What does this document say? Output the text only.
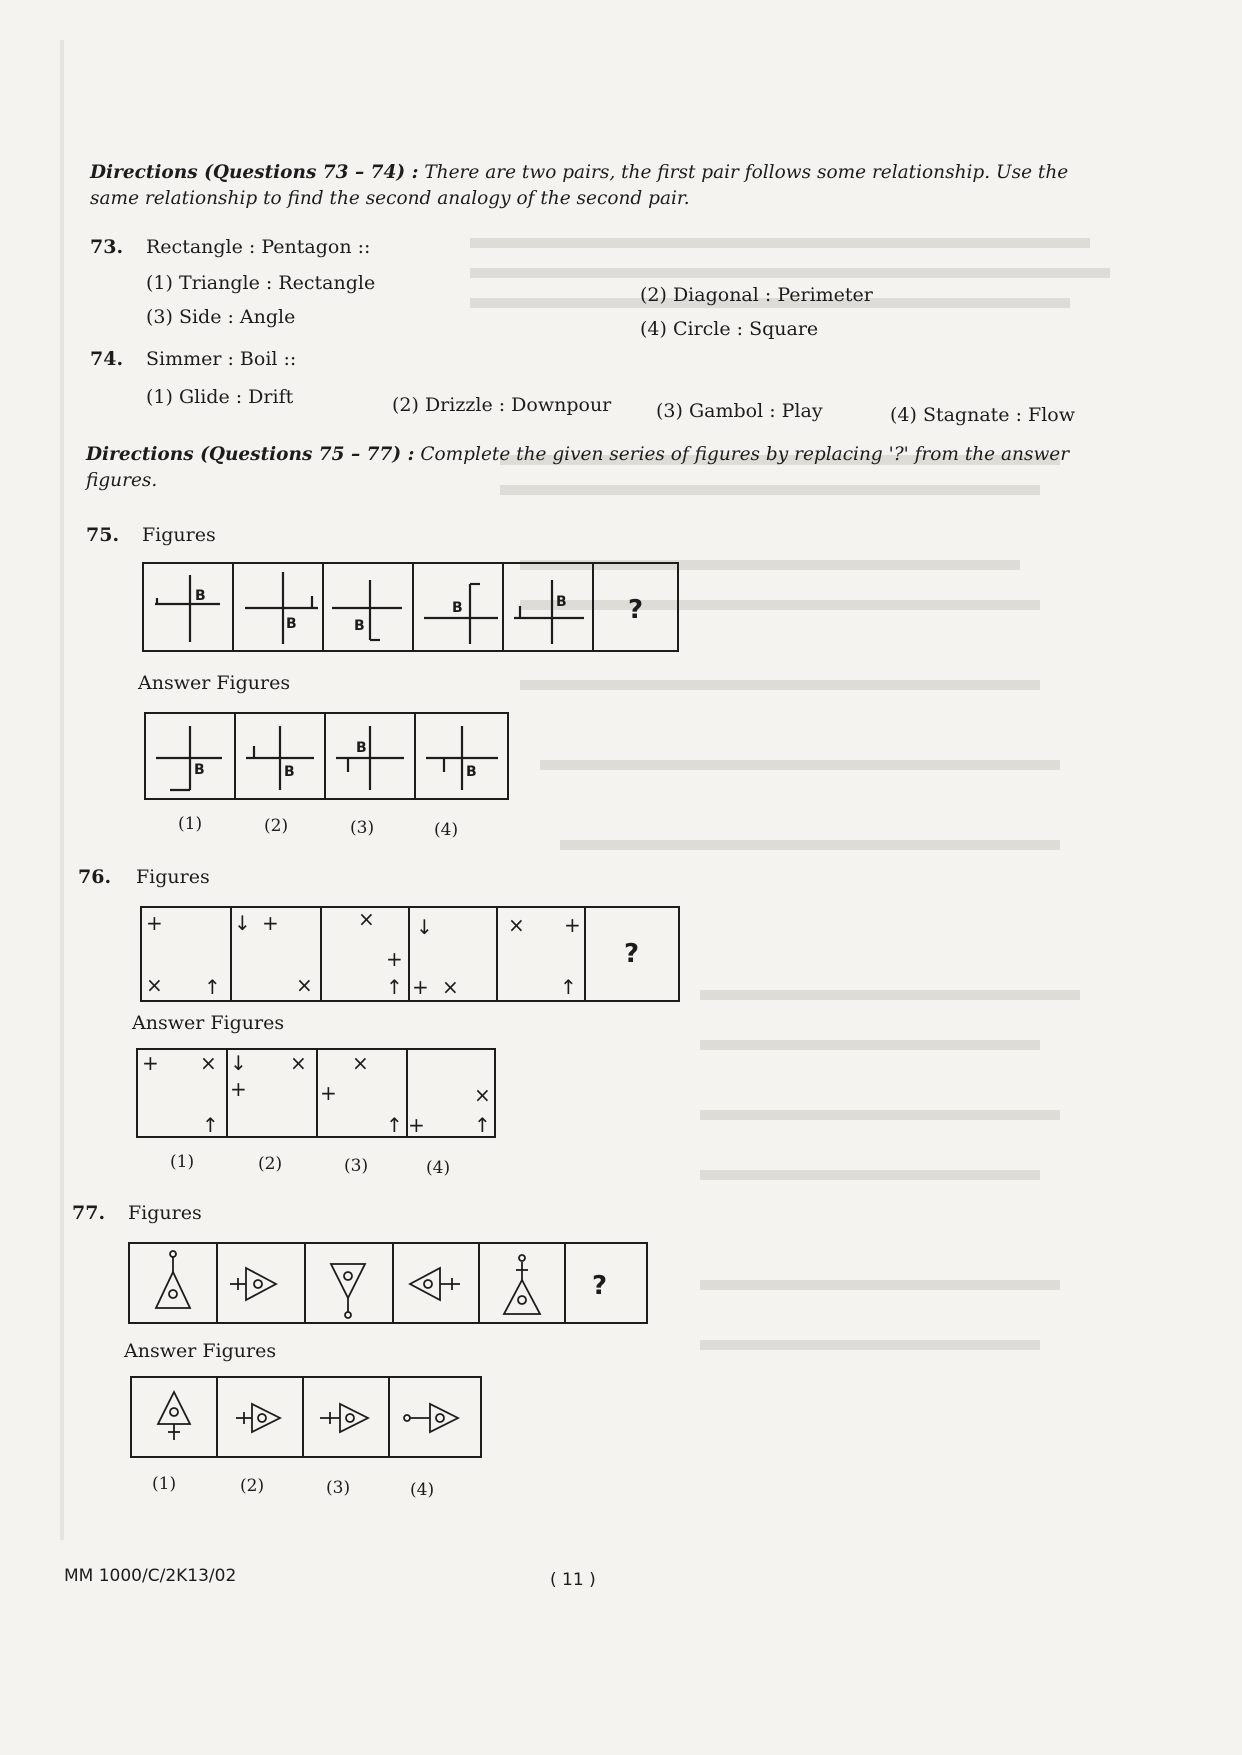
Directions (Questions 73 – 74) : There are two pairs, the first pair follows some relationship. Use the same relationship to find the second analogy of the second pair.
73. Rectangle : Pentagon ::
(1) Triangle : Rectangle
(2) Diagonal : Perimeter
(3) Side : Angle
(4) Circle : Square
74. Simmer : Boil ::
(1) Glide : Drift	(2) Drizzle : Downpour (3) Gambol : Play	(4) Stagnate : Flow
Directions (Questions 75 – 77) : Complete the given series of figures by replacing '?' from the answer figures.
75. Figures
B
B	B
B	B ?
Answer Figures
B	B
B
B
(1)	(2)	(3)	(4)
76. Figures
+
× ↑
↓ +
×
×
+
↑
↓
+ ×
× +
↑
?
Answer Figures
+ ×
↑
↓
+
× ×
+
↑ +
×
↑
(1)	(2)	(3)	(4)
77. Figures
?
Answer Figures
(1)	(2)	(3)	(4)
MM 1000/C/2K13/02	( 11 )
